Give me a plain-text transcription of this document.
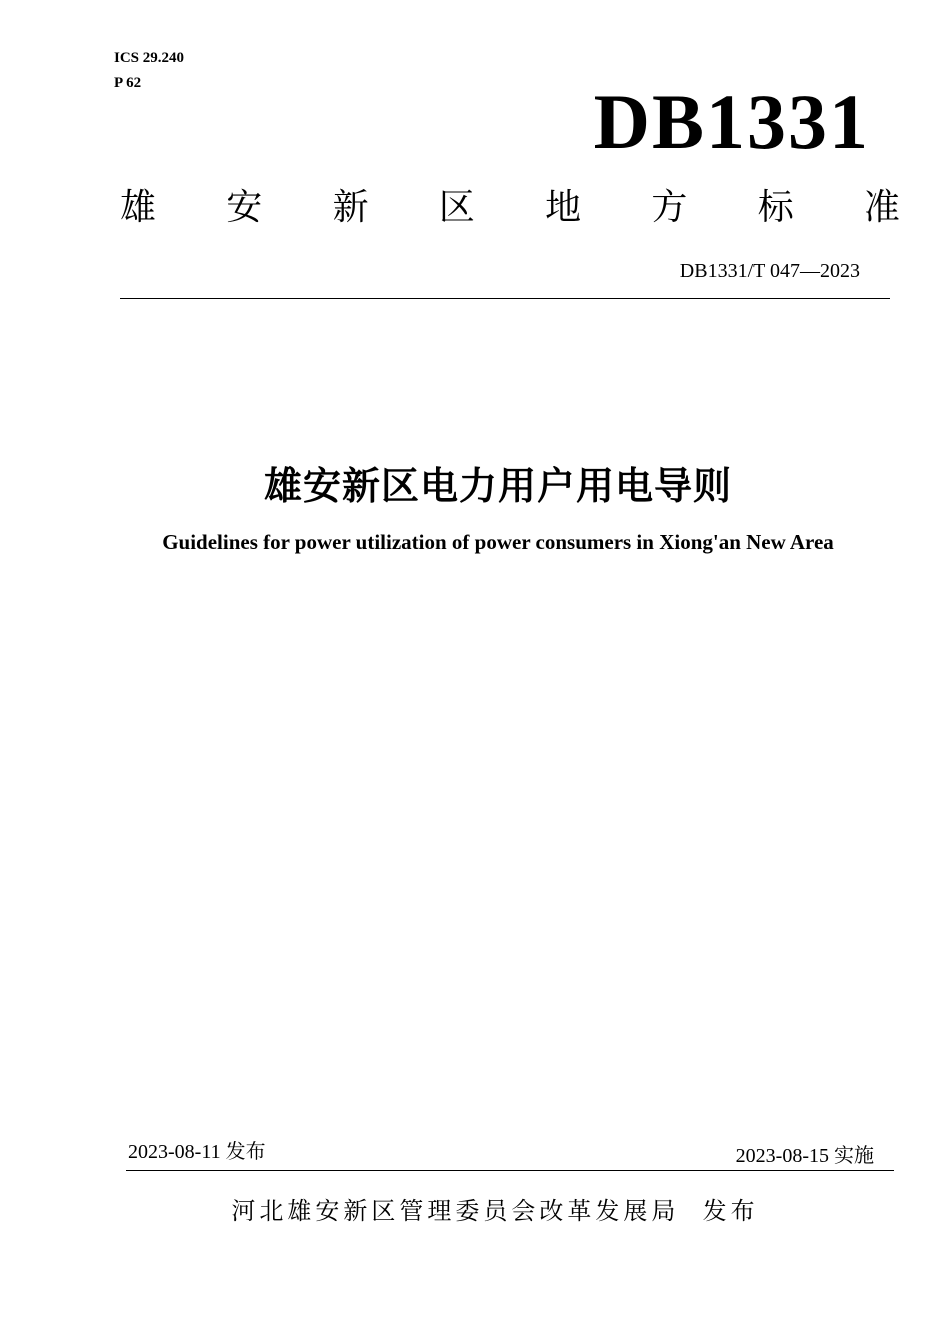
ICS 29.240
P 62	DB1331
雄 安 新 区 地 方 标 准
DB1331/T 047—2023
雄安新区电力用户用电导则
Guidelines for power utilization of power consumers in Xiong'an New Area
2023-08-11 发布	2023-08-15 实施
河北雄安新区管理委员会改革发展局  发布
